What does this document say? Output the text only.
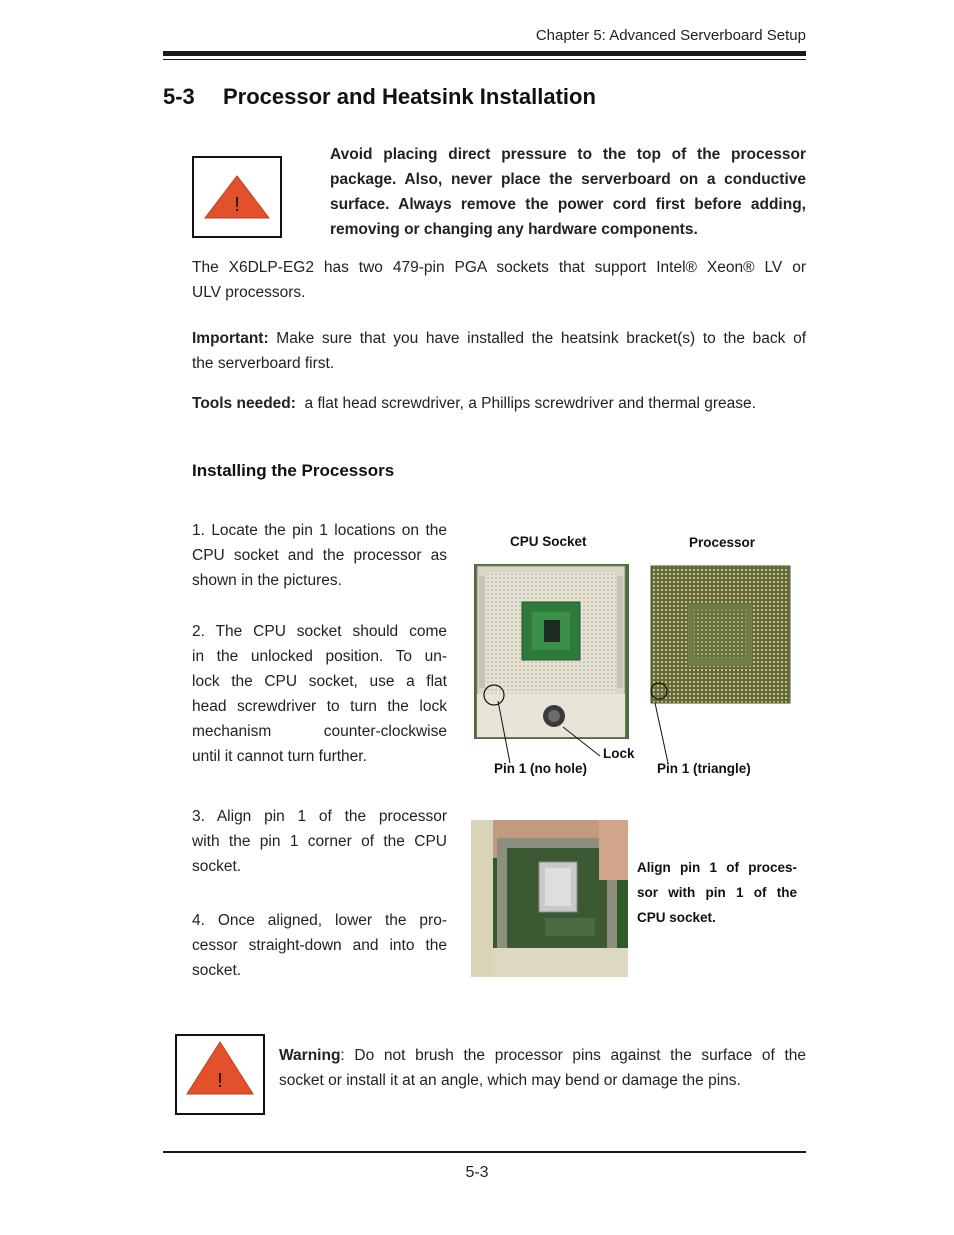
Chapter 5: Advanced Serverboard Setup
5-3 Processor and Heatsink Installation
!
Avoid placing direct pressure to the top of the processor
package. Also, never place the serverboard on a conductive
surface. Always remove the power cord first before adding,
removing or changing any hardware components.
The X6DLP-EG2 has two 479-pin PGA sockets that support Intel® Xeon® LV or
ULV processors.
Important: Make sure that you have installed the heatsink bracket(s) to the back of
the serverboard first.
Tools needed:  a flat head screwdriver, a Phillips screwdriver and thermal grease.
Installing the Processors
1. Locate the pin 1 locations on the
CPU socket and the processor as
shown in the pictures.
2. The CPU socket should come
in the unlocked position. To un-
lock the CPU socket, use a flat
head screwdriver to turn the lock
mechanism counter-clockwise
until it cannot turn further.
3. Align pin 1 of the processor
with the pin 1 corner of the CPU
socket.
4. Once aligned, lower the pro-
cessor straight-down and into the
socket.
CPU Socket	Processor
Lock
Pin 1 (no hole)	Pin 1 (triangle)
Align pin 1 of proces-
sor with pin 1 of the
CPU socket.
!
Warning: Do not brush the processor pins against the surface of the
socket or install it at an angle, which may bend or damage the pins.
5-3
